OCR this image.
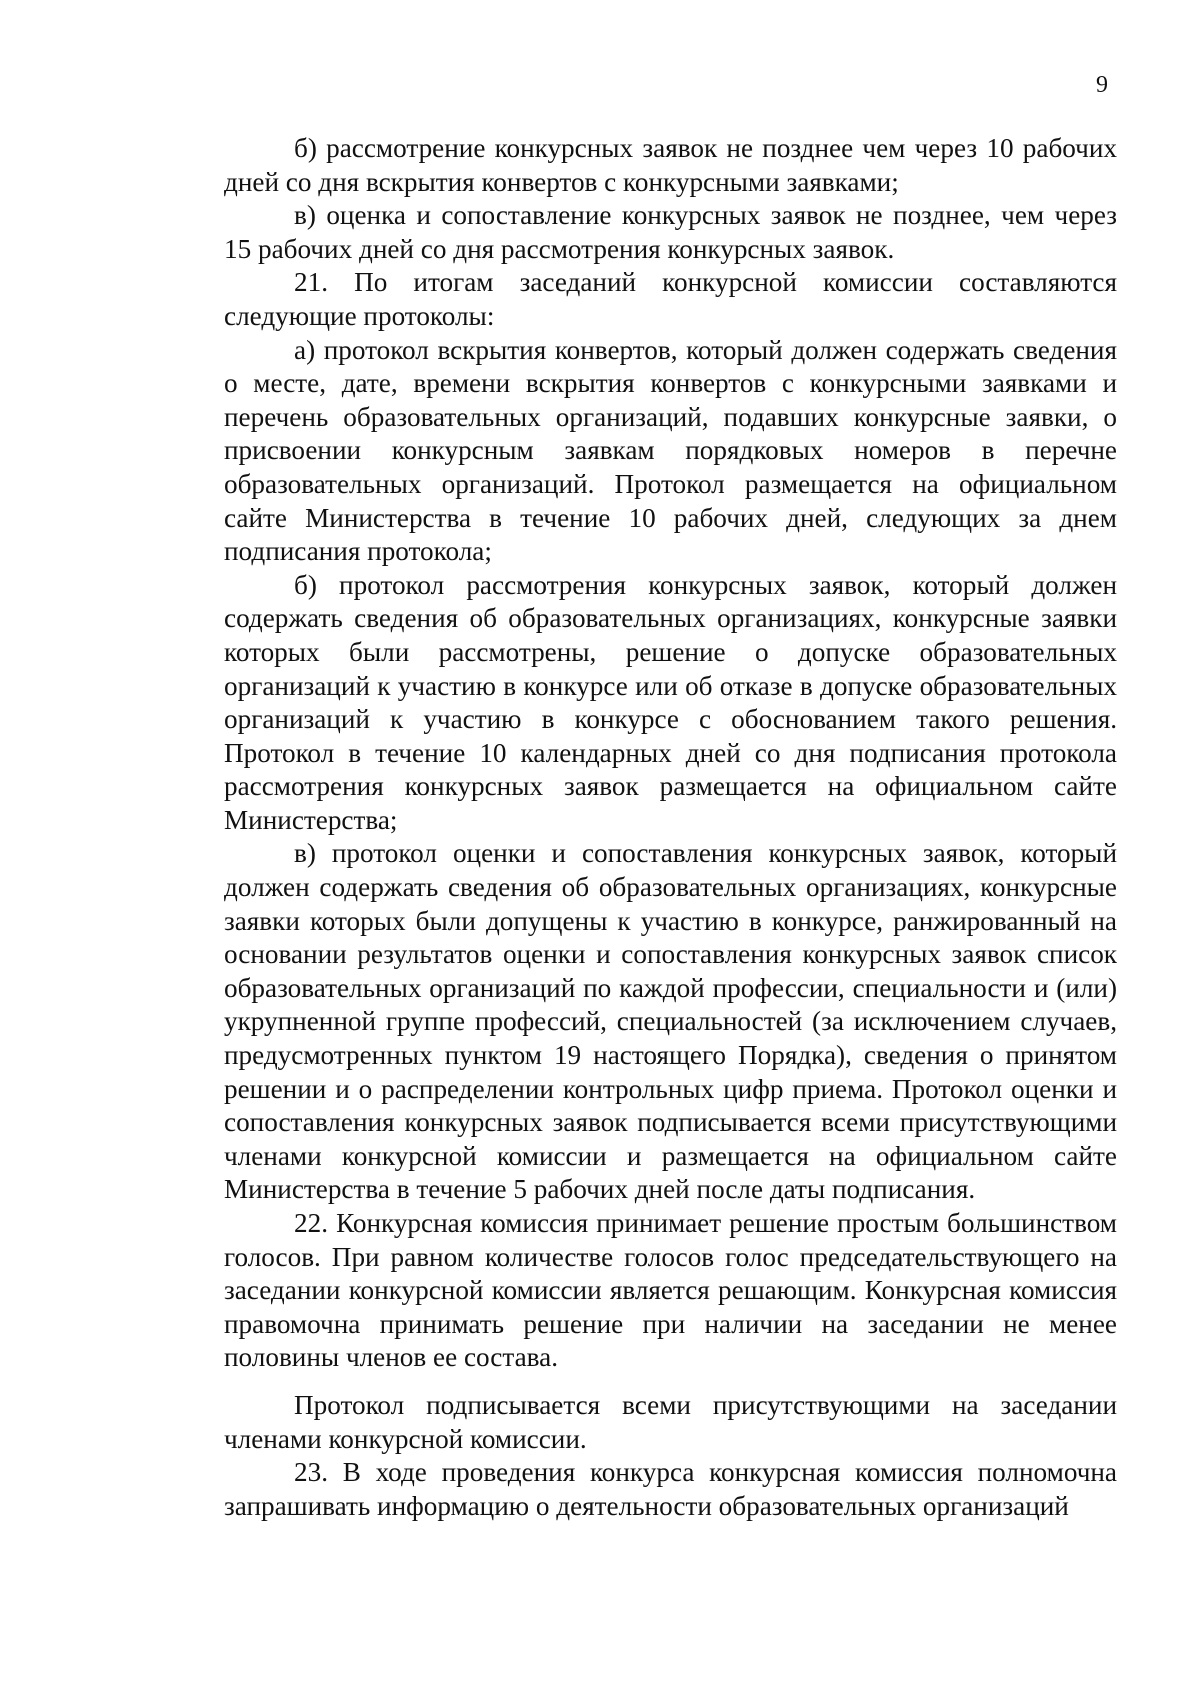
9

б) рассмотрение конкурсных заявок не позднее чем через 10 рабочих дней со дня вскрытия конвертов с конкурсными заявками;

в) оценка и сопоставление конкурсных заявок не позднее, чем через 15 рабочих дней со дня рассмотрения конкурсных заявок.

21. По итогам заседаний конкурсной комиссии составляются следующие протоколы:

а) протокол вскрытия конвертов, который должен содержать сведения о месте, дате, времени вскрытия конвертов с конкурсными заявками и перечень образовательных организаций, подавших конкурсные заявки, о присвоении конкурсным заявкам порядковых номеров в перечне образовательных организаций. Протокол размещается на официальном сайте Министерства в течение 10 рабочих дней, следующих за днем подписания протокола;

б) протокол рассмотрения конкурсных заявок, который должен содержать сведения об образовательных организациях, конкурсные заявки которых были рассмотрены, решение о допуске образовательных организаций к участию в конкурсе или об отказе в допуске образовательных организаций к участию в конкурсе с обоснованием такого решения. Протокол в течение 10 календарных дней со дня подписания протокола рассмотрения конкурсных заявок размещается на официальном сайте Министерства;

в) протокол оценки и сопоставления конкурсных заявок, который должен содержать сведения об образовательных организациях, конкурсные заявки которых были допущены к участию в конкурсе, ранжированный на основании результатов оценки и сопоставления конкурсных заявок список образовательных организаций по каждой профессии, специальности и (или) укрупненной группе профессий, специальностей (за исключением случаев, предусмотренных пунктом 19 настоящего Порядка), сведения о принятом решении и о распределении контрольных цифр приема. Протокол оценки и сопоставления конкурсных заявок подписывается всеми присутствующими членами конкурсной комиссии и размещается на официальном сайте Министерства в течение 5 рабочих дней после даты подписания.

22. Конкурсная комиссия принимает решение простым большинством голосов. При равном количестве голосов голос председательствующего на заседании конкурсной комиссии является решающим. Конкурсная комиссия правомочна принимать решение при наличии на заседании не менее половины членов ее состава.

Протокол подписывается всеми присутствующими на заседании членами конкурсной комиссии.

23. В ходе проведения конкурса конкурсная комиссия полномочна запрашивать информацию о деятельности образовательных организаций
